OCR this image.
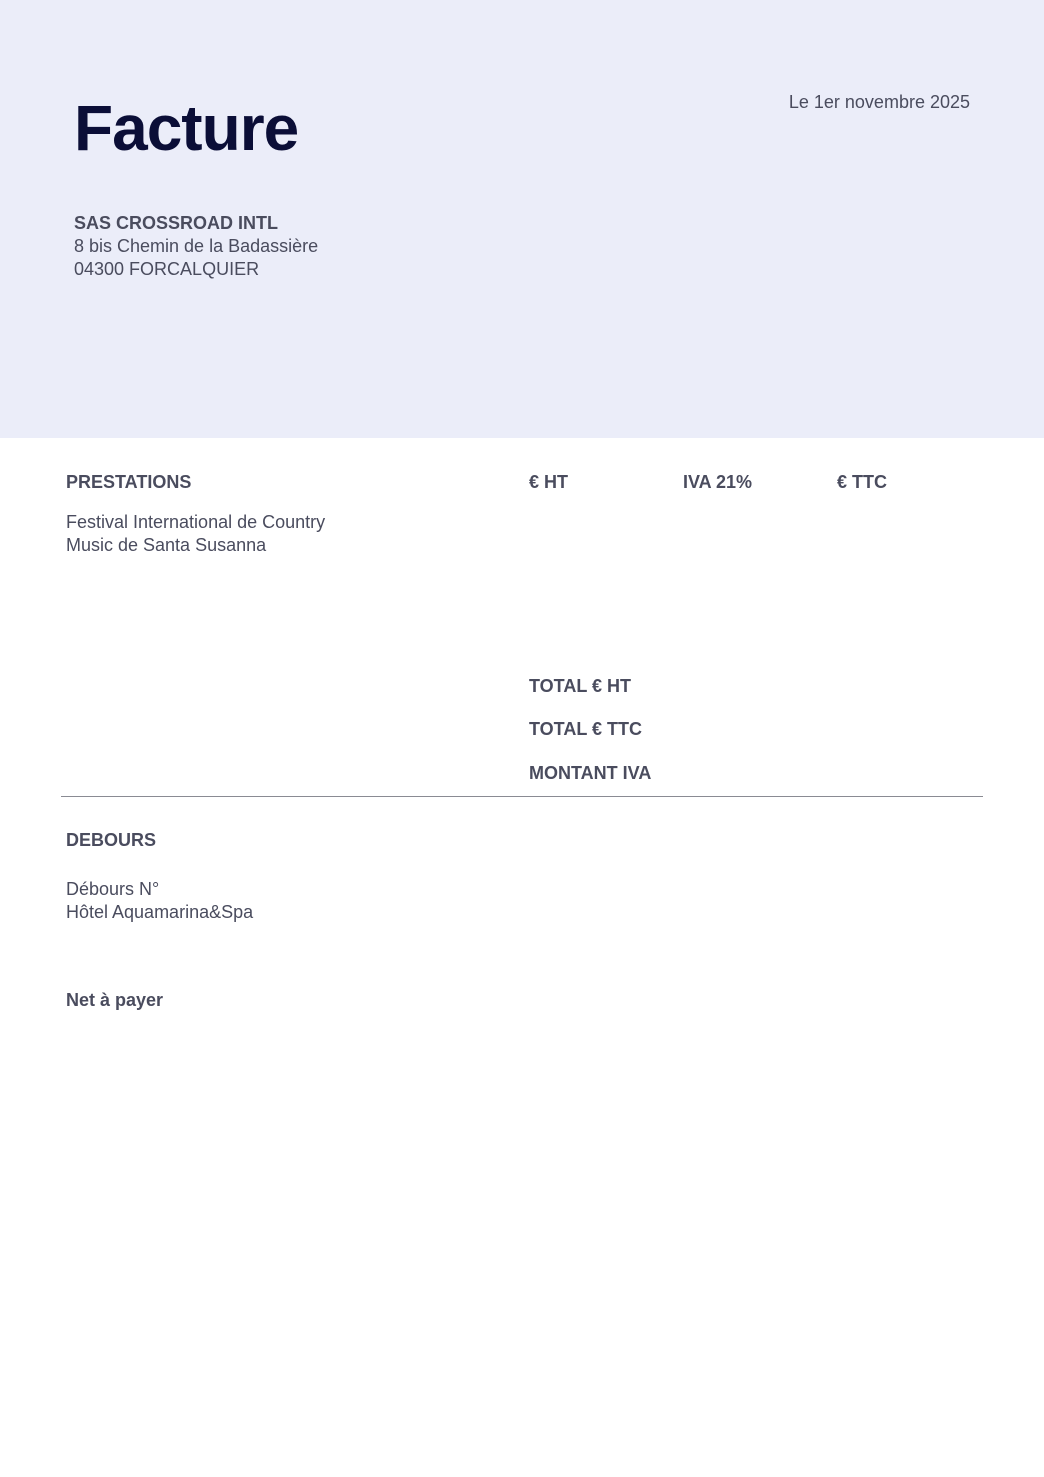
Facture	Le 1er novembre 2025
SAS CROSSROAD INTL
8 bis Chemin de la Badassière
04300 FORCALQUIER
PRESTATIONS	€ HT	IVA 21%	€ TTC
Festival International de Country
Music de Santa Susanna
TOTAL € HT
TOTAL € TTC
MONTANT IVA
DEBOURS
Débours N°
Hôtel Aquamarina&Spa
Net à payer
